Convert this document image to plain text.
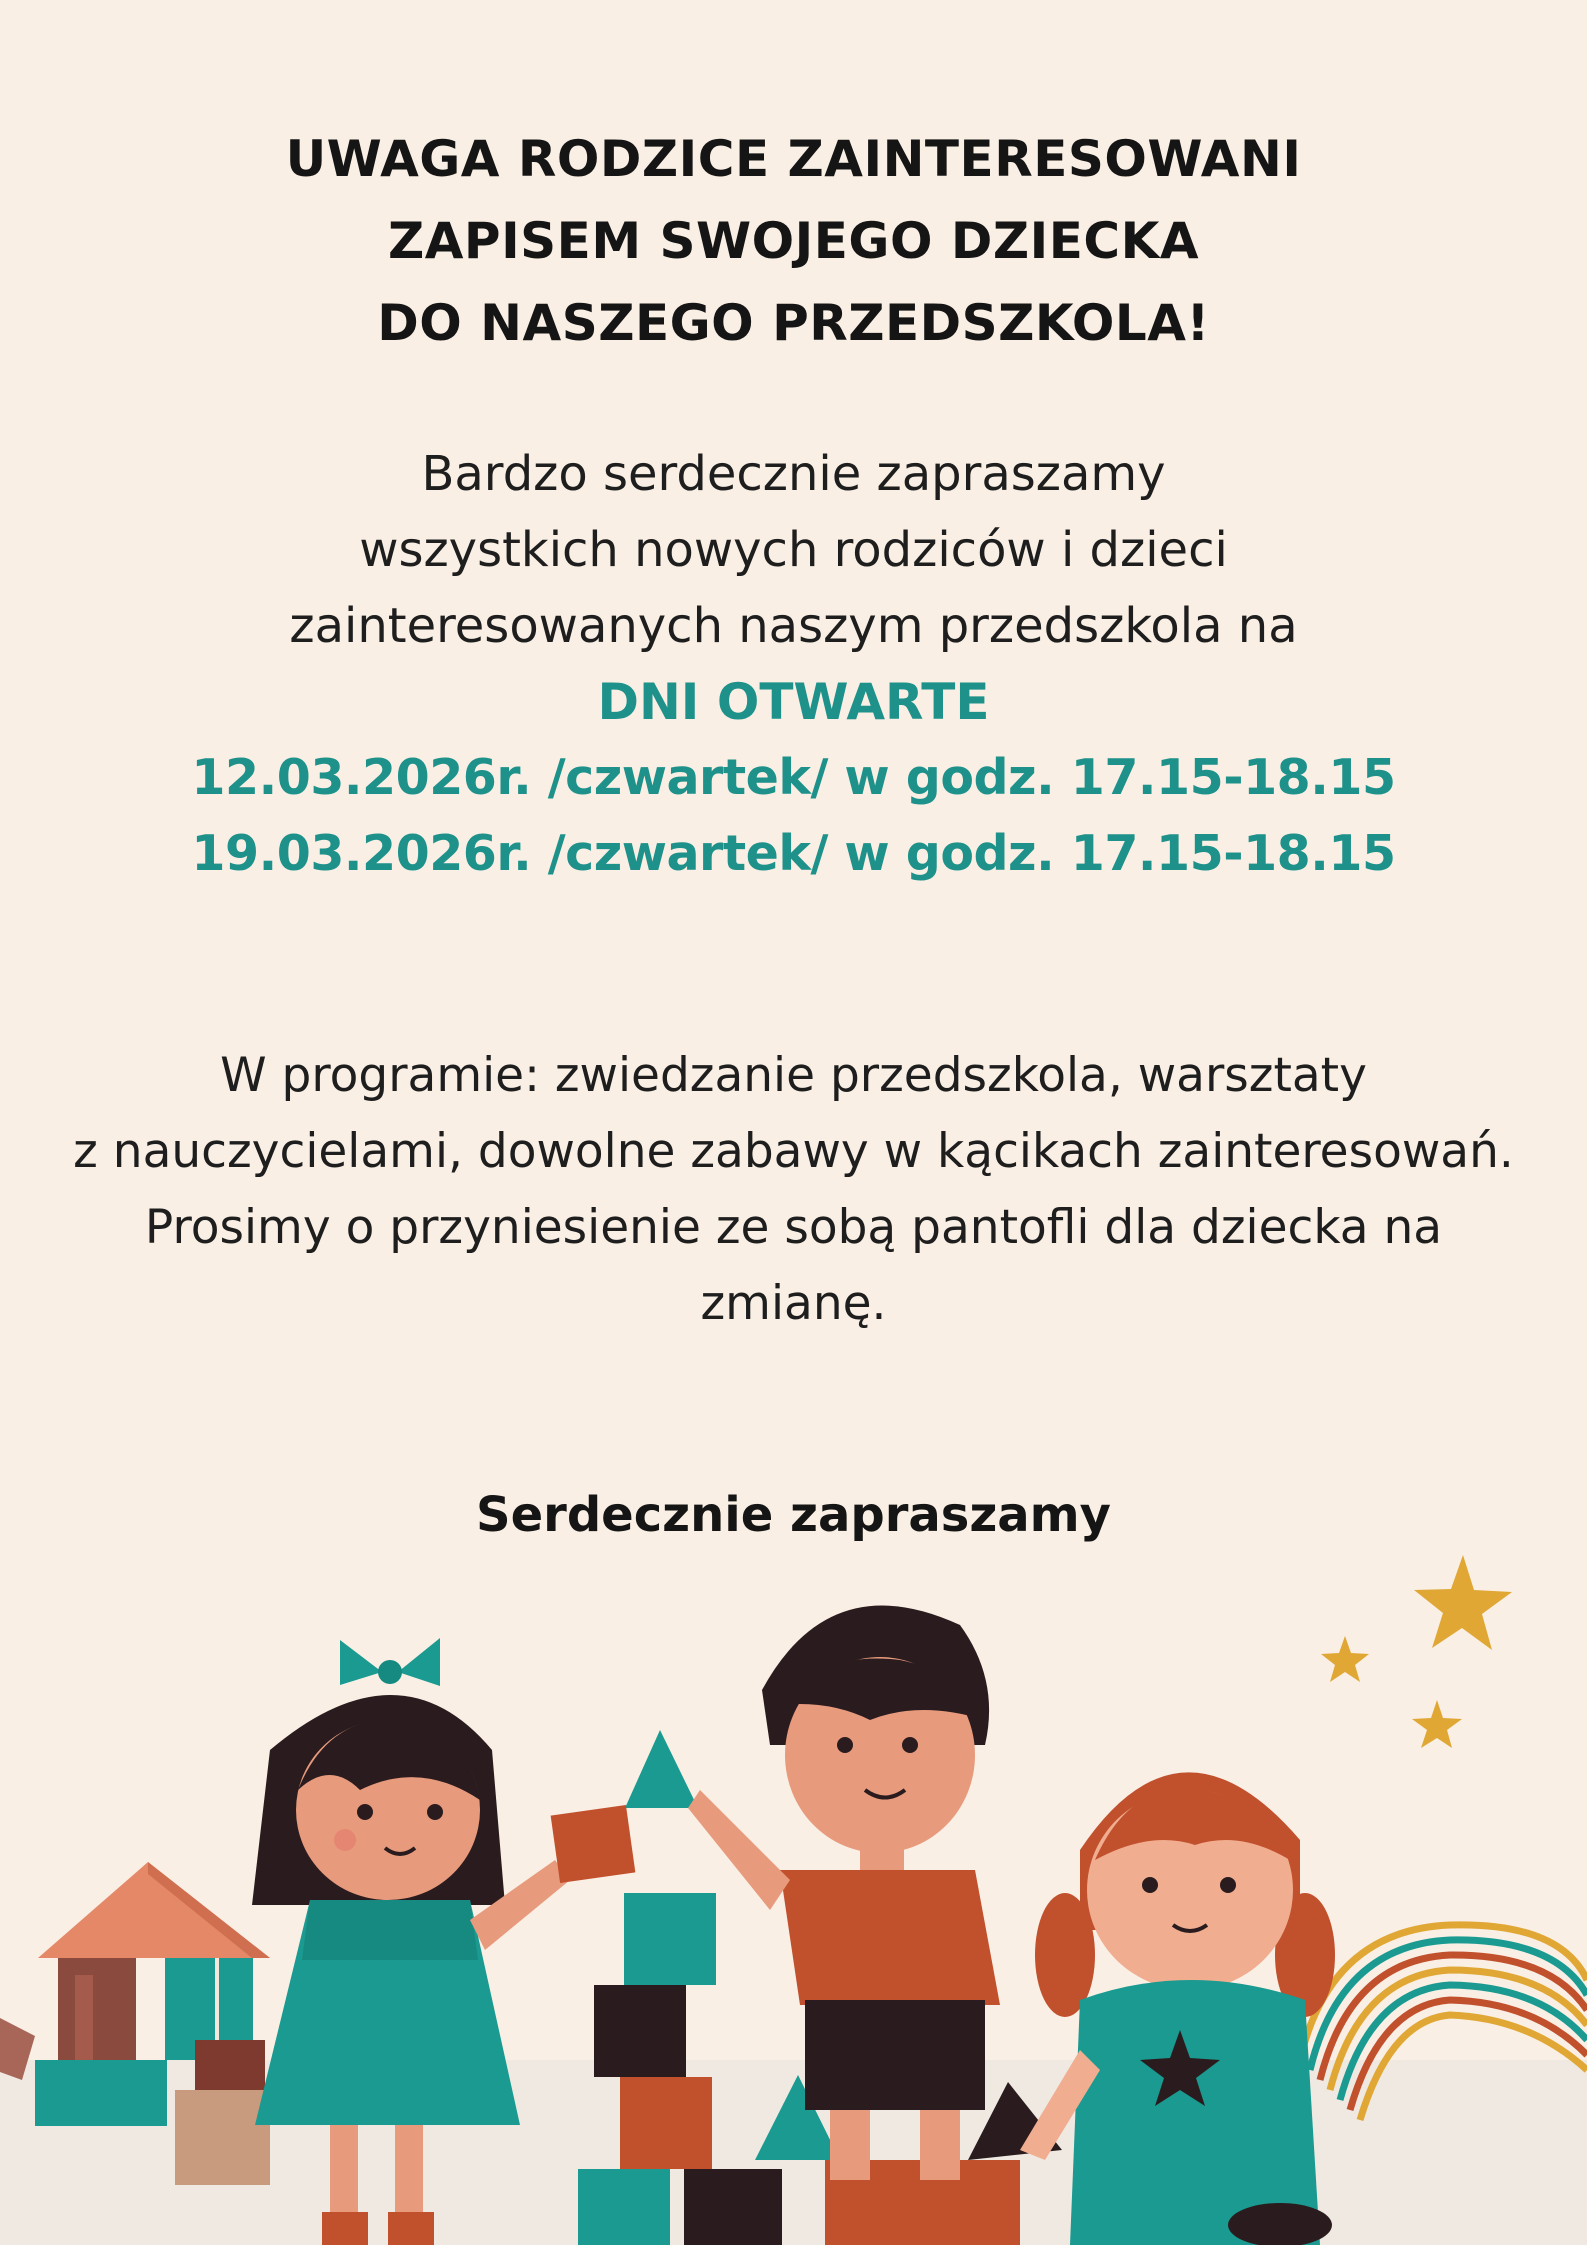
UWAGA RODZICE ZAINTERESOWANI
ZAPISEM SWOJEGO DZIECKA
DO NASZEGO PRZEDSZKOLA!
Bardzo serdecznie zapraszamy
wszystkich nowych rodziców i dzieci
zainteresowanych naszym przedszkola na
DNI OTWARTE
12.03.2026r. /czwartek/ w godz. 17.15-18.15
19.03.2026r. /czwartek/ w godz. 17.15-18.15
W programie: zwiedzanie przedszkola, warsztaty
z nauczycielami, dowolne zabawy w kącikach zainteresowań.
Prosimy o przyniesienie ze sobą pantofli dla dziecka na
zmianę.
Serdecznie zapraszamy
